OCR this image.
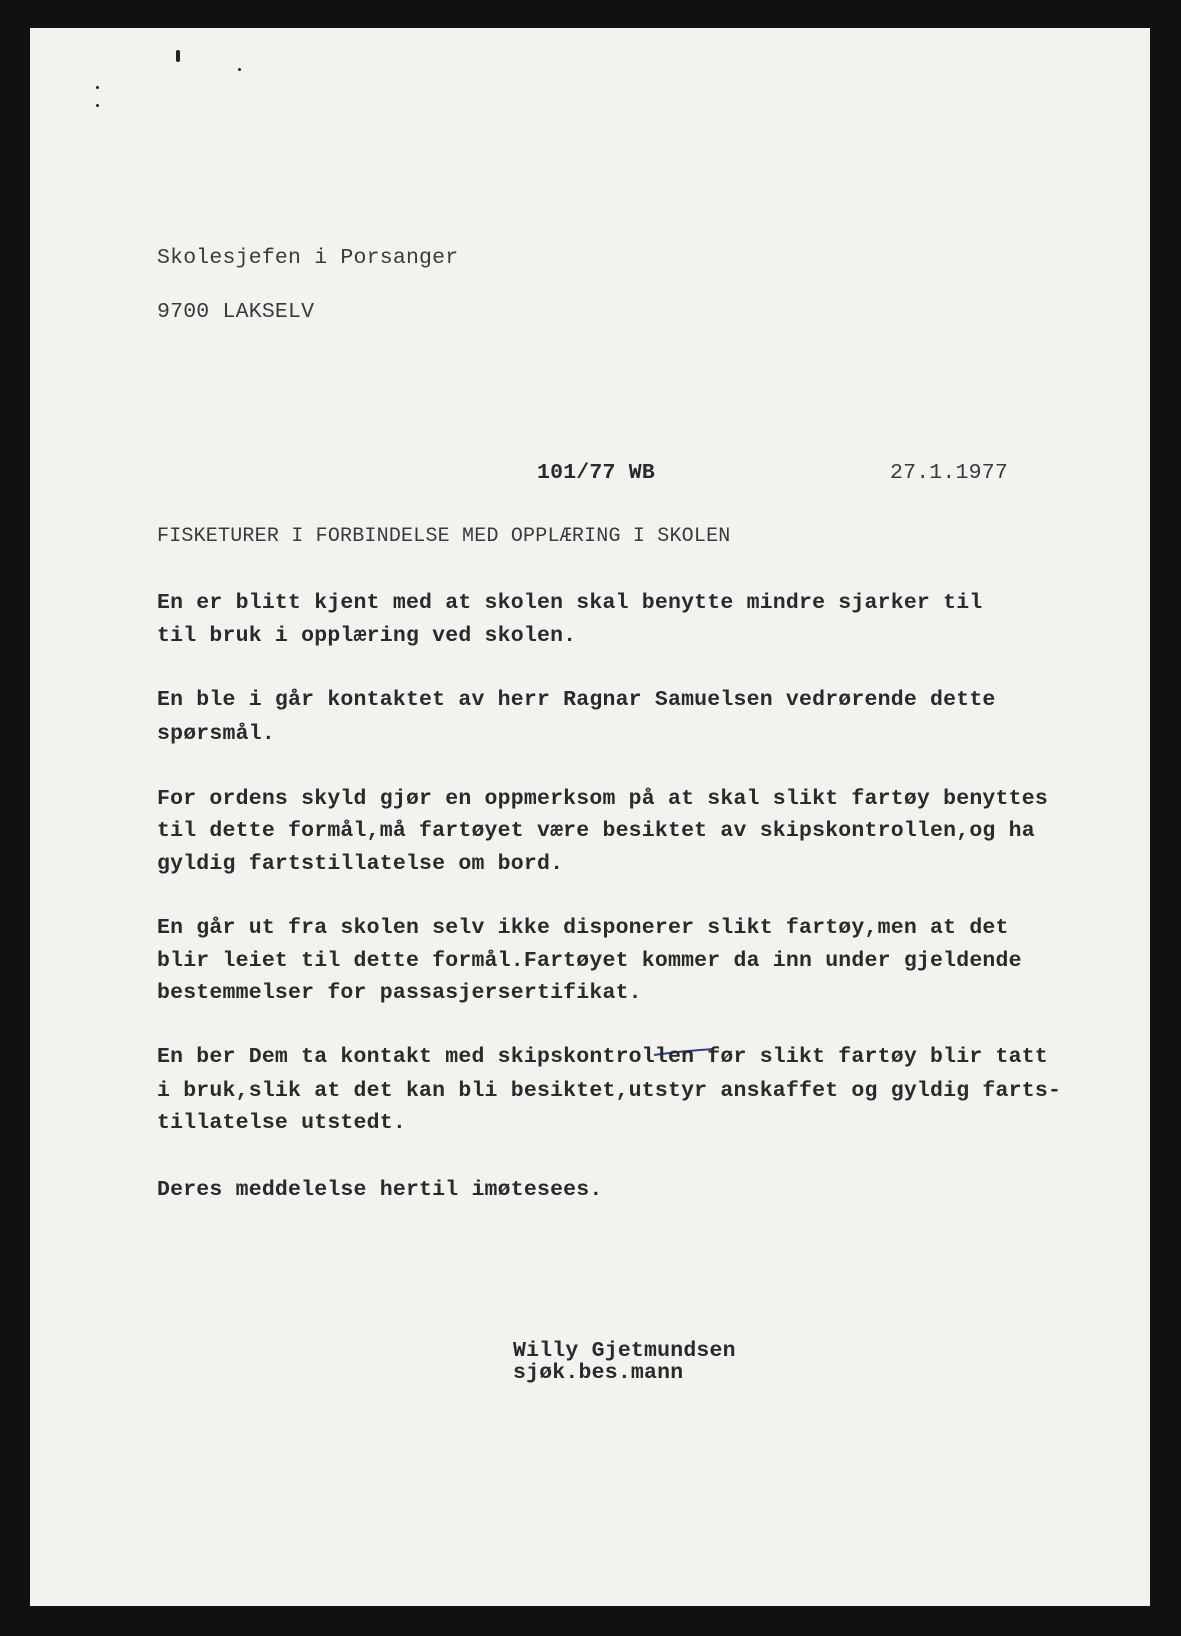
Skolesjefen i Porsanger
9700 LAKSELV
101/77 WB	27.1.1977
FISKETURER I FORBINDELSE MED OPPLÆRING I SKOLEN
En er blitt kjent med at skolen skal benytte mindre sjarker til
til bruk i opplæring ved skolen.
En ble i går kontaktet av herr Ragnar Samuelsen vedrørende dette
spørsmål.
For ordens skyld gjør en oppmerksom på at skal slikt fartøy benyttes
til dette formål,må fartøyet være besiktet av skipskontrollen,og ha
gyldig fartstillatelse om bord.
En går ut fra skolen selv ikke disponerer slikt fartøy,men at det
blir leiet til dette formål.Fartøyet kommer da inn under gjeldende
bestemmelser for passasjersertifikat.
En ber Dem ta kontakt med skipskontrollen før slikt fartøy blir tatt
i bruk,slik at det kan bli besiktet,utstyr anskaffet og gyldig farts-
tillatelse utstedt.
Deres meddelelse hertil imøtesees.
Willy Gjetmundsen
sjøk.bes.mann
